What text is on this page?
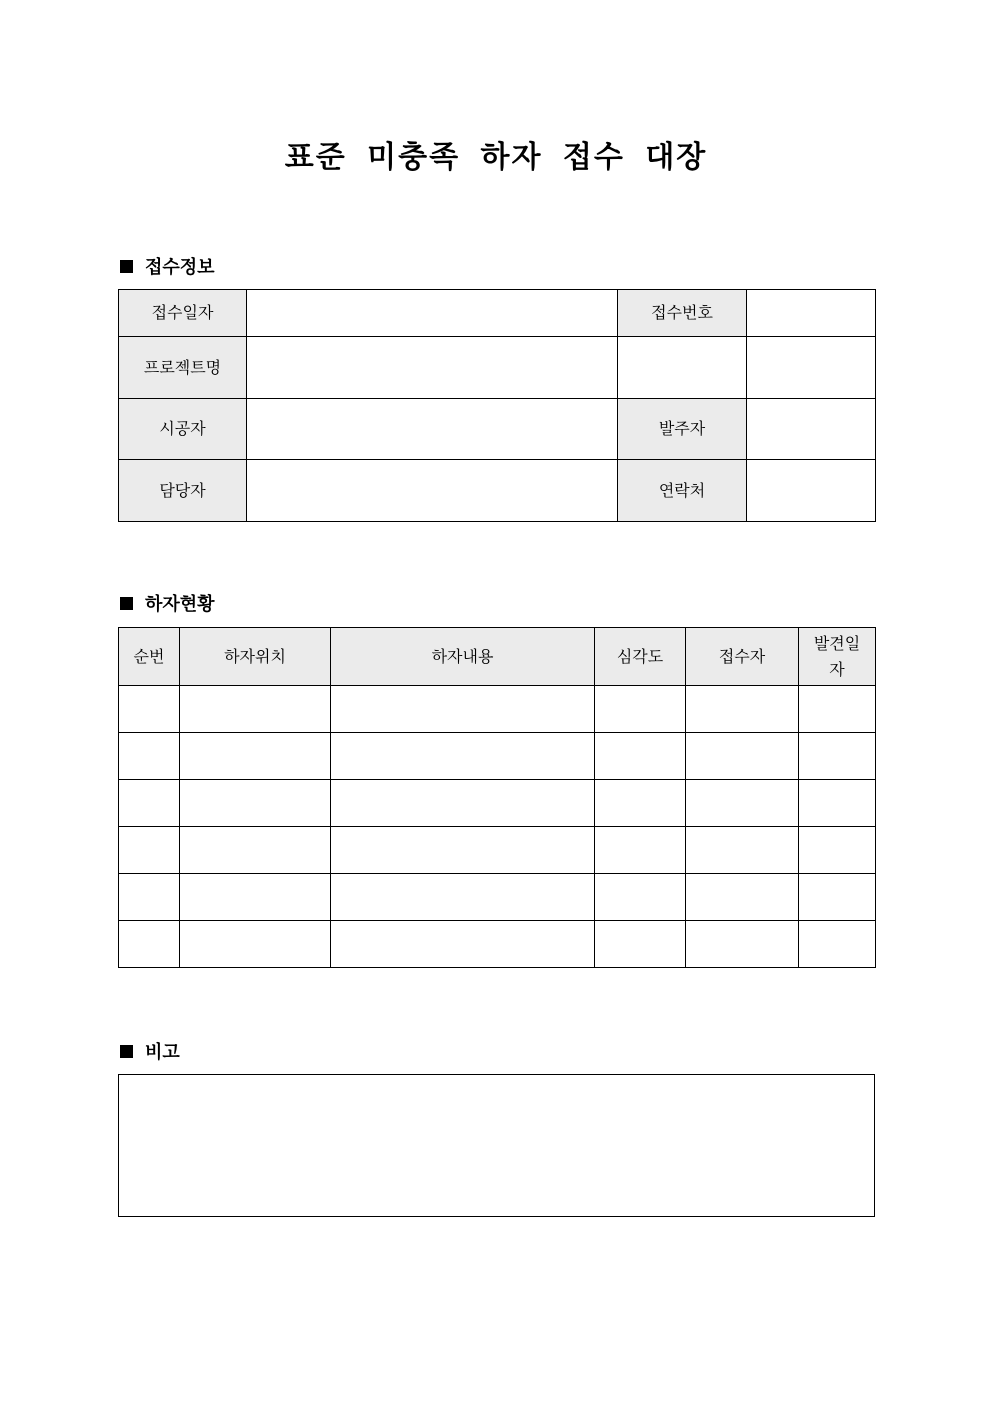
표준 미충족 하자 접수 대장
접수정보
접수일자		접수번호	
프로젝트명			
시공자		발주자	
담당자		연락처	
하자현황
순번	하자위치	하자내용	심각도	접수자	발견일자

비고
